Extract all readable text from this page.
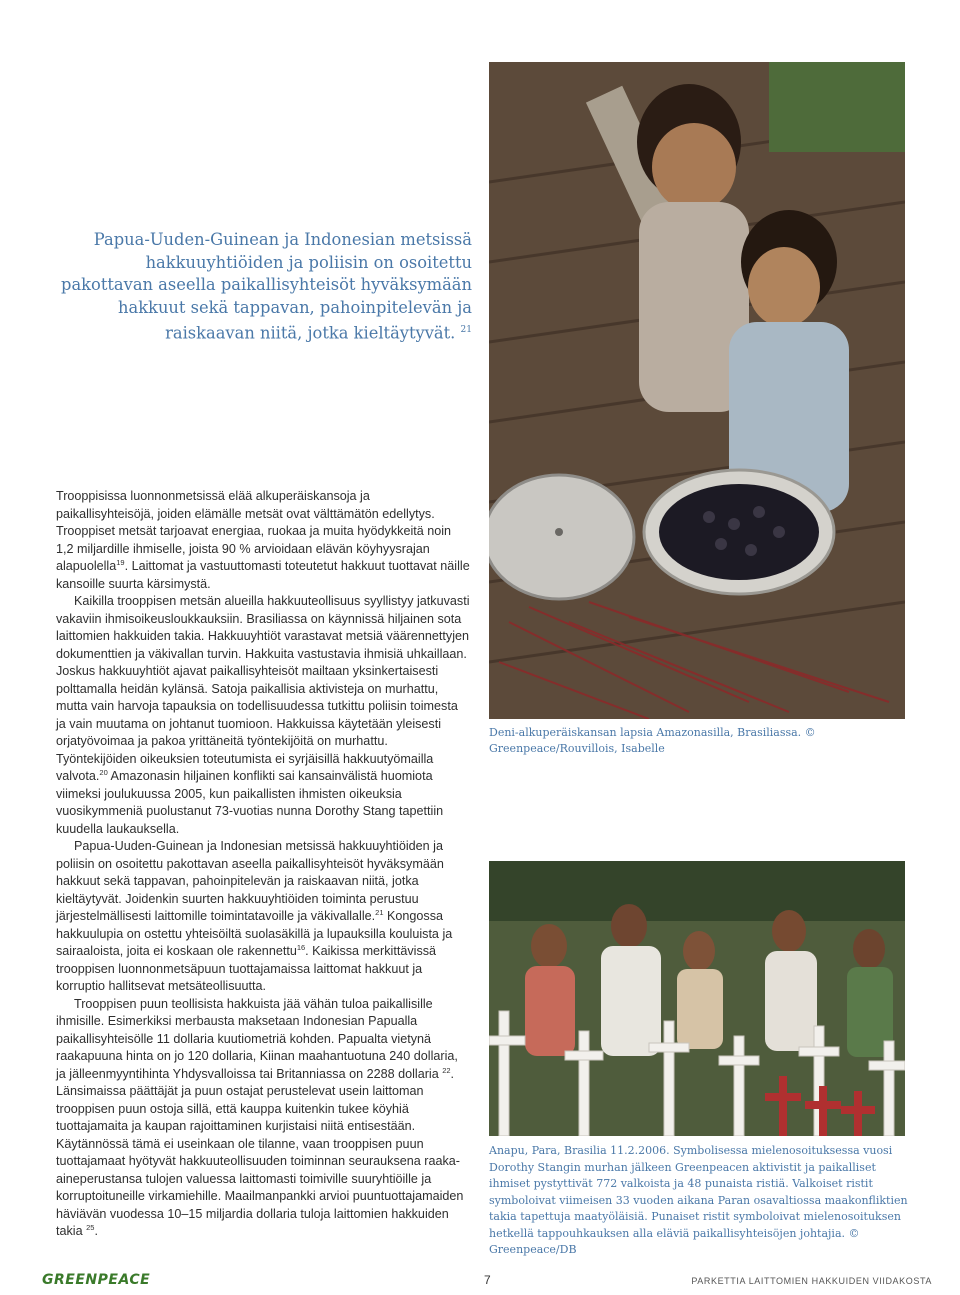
Papua-Uuden-Guinean ja Indonesian metsissä hakkuuyhtiöiden ja poliisin on osoitettu pakottavan aseella paikallisyhteisöt hyväksymään hakkuut sekä tappavan, pahoinpitelevän ja raiskaavan niitä, jotka kieltäytyvät. $^{21}$

Trooppisissa luonnonmetsissä elää alkuperäiskansoja ja paikallisyhteisöjä, joiden elämälle metsät ovat välttämätön edellytys. Trooppiset metsät tarjoavat energiaa, ruokaa ja muita hyödykkeitä noin 1,2 miljardille ihmiselle, joista 90 % arvioidaan elävän köyhyysrajan alapuolella$^{19}$. Laittomat ja vastuuttomasti toteutetut hakkuut tuottavat näille kansoille suurta kärsimystä.

Kaikilla trooppisen metsän alueilla hakkuuteollisuus syyllistyy jatkuvasti vakaviin ihmisoikeusloukkauksiin. Brasiliassa on käynnissä hiljainen sota laittomien hakkuiden takia. Hakkuuyhtiöt varastavat metsiä väärennettyjen dokumenttien ja väkivallan turvin. Hakkuita vastustavia ihmisiä uhkaillaan. Joskus hakkuuyhtiöt ajavat paikallisyhteisöt mailtaan yksinkertaisesti polttamalla heidän kylänsä. Satoja paikallisia aktivisteja on murhattu, mutta vain harvoja tapauksia on todellisuudessa tutkittu poliisin toimesta ja vain muutama on johtanut tuomioon. Hakkuissa käytetään yleisesti orjatyövoimaa ja pakoa yrittäneitä työntekijöitä on murhattu. Työntekijöiden oikeuksien toteutumista ei syrjäisillä hakkuutyömailla valvota.$^{20}$ Amazonasin hiljainen konflikti sai kansainvälistä huomiota viimeksi joulukuussa 2005, kun paikallisten ihmisten oikeuksia vuosikymmeniä puolustanut 73-vuotias nunna Dorothy Stang tapettiin kuudella laukauksella.

Papua-Uuden-Guinean ja Indonesian metsissä hakkuuyhtiöiden ja poliisin on osoitettu pakottavan aseella paikallisyhteisöt hyväksymään hakkuut sekä tappavan, pahoinpitelevän ja raiskaavan niitä, jotka kieltäytyvät. Joidenkin suurten hakkuuyhtiöiden toiminta perustuu järjestelmällisesti laittomille toimintatavoille ja väkivallalle.$^{21}$ Kongossa hakkuulupia on ostettu yhteisöiltä suolasäkillä ja lupauksilla kouluista ja sairaaloista, joita ei koskaan ole rakennettu$^{16}$. Kaikissa merkittävissä trooppisen luonnonmetsäpuun tuottajamaissa laittomat hakkuut ja korruptio hallitsevat metsäteollisuutta.

Trooppisen puun teollisista hakkuista jää vähän tuloa paikallisille ihmisille. Esimerkiksi merbausta maksetaan Indonesian Papualla paikallisyhteisölle 11 dollaria kuutiometriä kohden. Papualta vietynä raakapuuna hinta on jo 120 dollaria, Kiinan maahantuotuna 240 dollaria, ja jälleenmyyntihinta Yhdysvalloissa tai Britanniassa on 2288 dollaria $^{22}$. Länsimaissa päättäjät ja puun ostajat perustelevat usein laittoman trooppisen puun ostoja sillä, että kauppa kuitenkin tukee köyhiä tuottajamaita ja kaupan rajoittaminen kurjistaisi niitä entisestään. Käytännössä tämä ei useinkaan ole tilanne, vaan trooppisen puun tuottajamaat hyötyvät hakkuuteollisuuden toiminnan seurauksena raaka-aineperustansa tulojen valuessa laittomasti toimiville suuryhtiöille ja korruptoituneille virkamiehille. Maailmanpankki arvioi puuntuottajamaiden häviävän vuodessa 10–15 miljardia dollaria tuloja laittomien hakkuiden takia $^{25}$.

Deni-alkuperäiskansan lapsia Amazonasilla, Brasiliassa. © Greenpeace/Rouvillois, Isabelle
Anapu, Para, Brasilia 11.2.2006. Symbolisessa mielenosoituksessa vuosi Dorothy Stangin murhan jälkeen Greenpeacen aktivistit ja paikalliset ihmiset pystyttivät 772 valkoista ja 48 punaista ristiä. Valkoiset ristit symboloivat viimeisen 33 vuoden aikana Paran osavaltiossa maakonfliktien takia tapettuja maatyöläisiä. Punaiset ristit symboloivat mielenosoituksen hetkellä tappouhkauksen alla eläviä paikallisyhteisöjen johtajia. © Greenpeace/DB
GREENPEACE	7	PARKETTIA LAITTOMIEN HAKKUIDEN VIIDAKOSTA
